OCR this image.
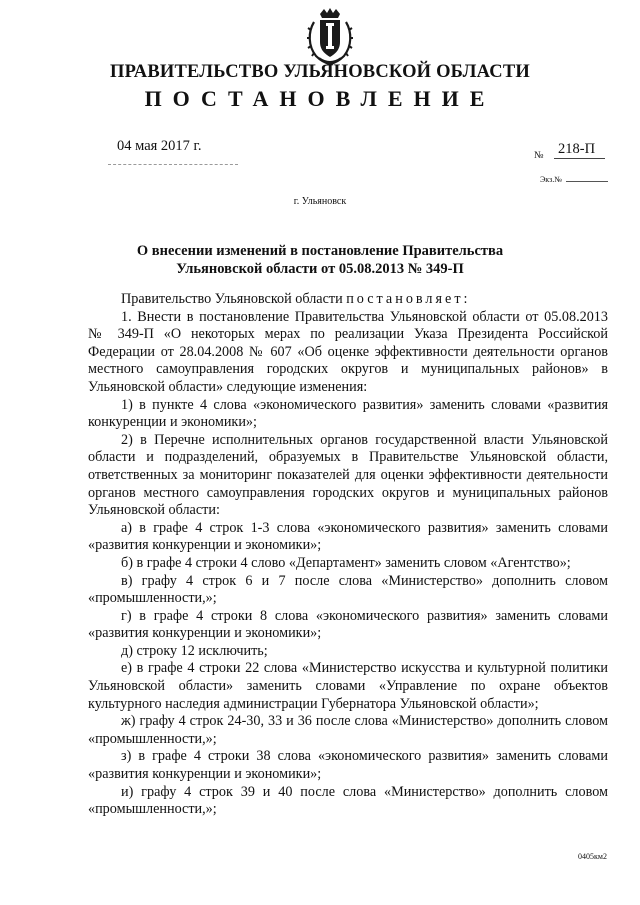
ПРАВИТЕЛЬСТВО УЛЬЯНОВСКОЙ ОБЛАСТИ
ПОСТАНОВЛЕНИЕ
04 мая 2017 г.
№ 218-П
Экз.№
г. Ульяновск
О внесении изменений в постановление Правительства
Ульяновской области от 05.08.2013 № 349-П

Правительство Ульяновской области постановляет:

1. Внести в постановление Правительства Ульяновской области от 05.08.2013 № 349-П «О некоторых мерах по реализации Указа Президента Российской Федерации от 28.04.2008 № 607 «Об оценке эффективности деятельности органов местного самоуправления городских округов и муниципальных районов» в Ульяновской области» следующие изменения:

1) в пункте 4 слова «экономического развития» заменить словами «развития конкуренции и экономики»;

2) в Перечне исполнительных органов государственной власти Ульяновской области и подразделений, образуемых в Правительстве Ульяновской области, ответственных за мониторинг показателей для оценки эффективности деятельности органов местного самоуправления городских округов и муниципальных районов Ульяновской области:

а) в графе 4 строк 1-3 слова «экономического развития» заменить словами «развития конкуренции и экономики»;

б) в графе 4 строки 4 слово «Департамент» заменить словом «Агентство»;

в) графу 4 строк 6 и 7 после слова «Министерство» дополнить словом «промышленности,»;

г) в графе 4 строки 8 слова «экономического развития» заменить словами «развития конкуренции и экономики»;

д) строку 12 исключить;

е) в графе 4 строки 22 слова «Министерство искусства и культурной политики Ульяновской области» заменить словами «Управление по охране объектов культурного наследия администрации Губернатора Ульяновской области»;

ж) графу 4 строк 24-30, 33 и 36 после слова «Министерство» дополнить словом «промышленности,»;

з) в графе 4 строки 38 слова «экономического развития» заменить словами «развития конкуренции и экономики»;

и) графу 4 строк 39 и 40 после слова «Министерство» дополнить словом «промышленности,»;

0405км2
